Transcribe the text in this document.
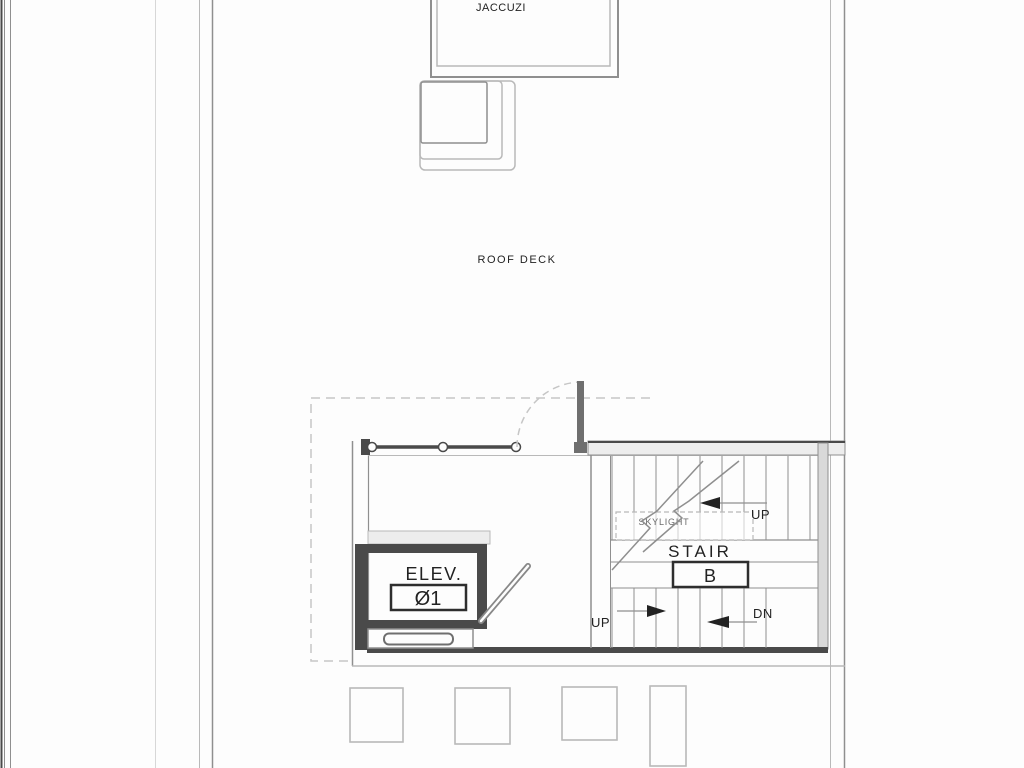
JACCUZI
ROOF DECK
ELEV.
Ø1
SKYLIGHT
STAIR
B
UP
UP
DN
